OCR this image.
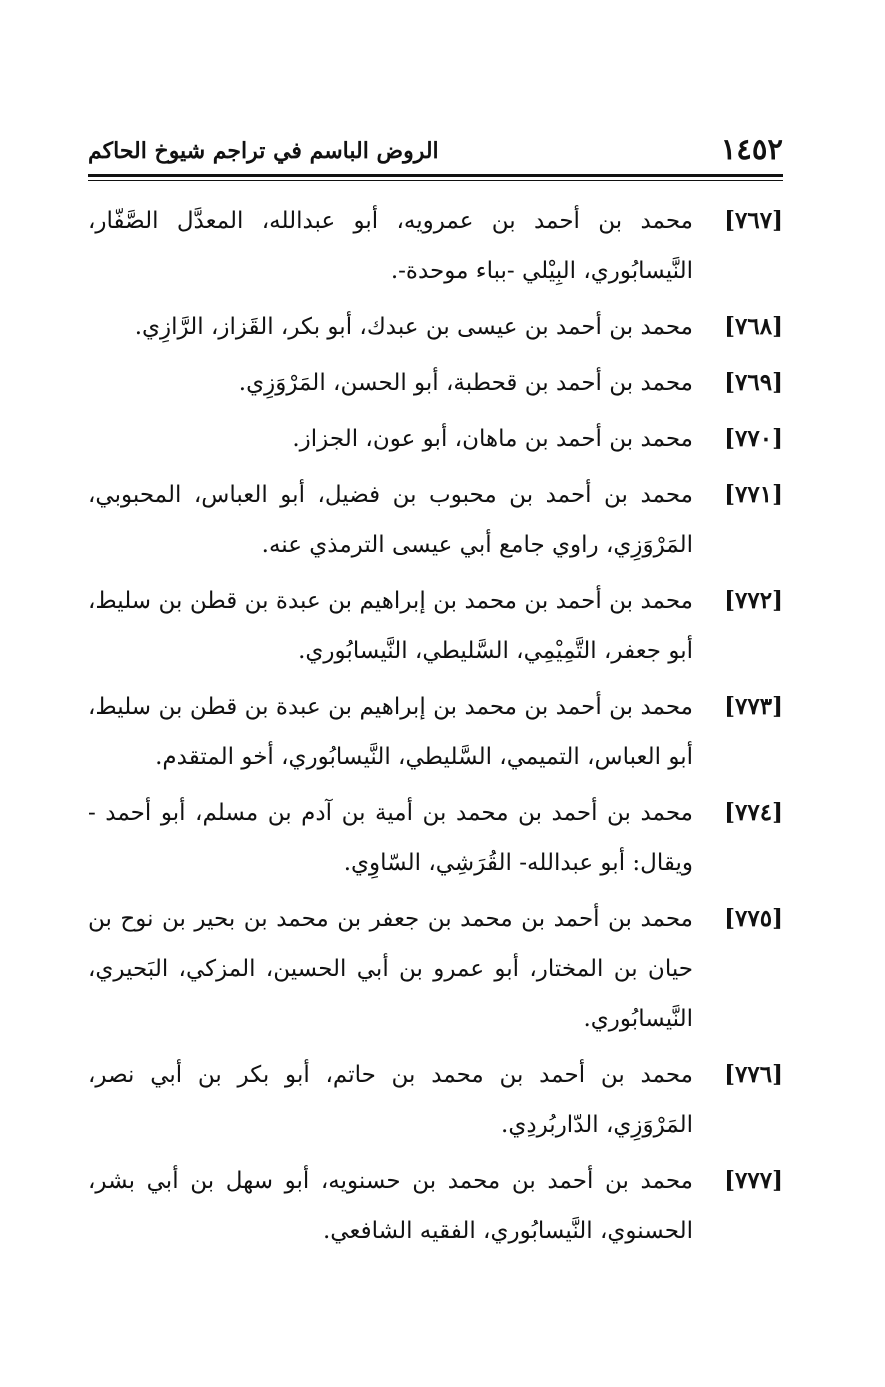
١٤٥٢
الروض الباسم في تراجم شيوخ الحاكم
[٧٦٧]
محمد بن أحمد بن عمرويه، أبو عبدالله، المعدَّل الصَّفّار، النَّيسابُوري، البِيْلي -بباء موحدة-.
[٧٦٨]
محمد بن أحمد بن عيسى بن عبدك، أبو بكر، القَزاز، الرَّازِي.
[٧٦٩]
محمد بن أحمد بن قحطبة، أبو الحسن، المَرْوَزِي.
[٧٧٠]
محمد بن أحمد بن ماهان، أبو عون، الجزاز.
[٧٧١]
محمد بن أحمد بن محبوب بن فضيل، أبو العباس، المحبوبي، المَرْوَزِي، راوي جامع أبي عيسى الترمذي عنه.
[٧٧٢]
محمد بن أحمد بن محمد بن إبراهيم بن عبدة بن قطن بن سليط، أبو جعفر، التَّمِيْمِي، السَّليطي، النَّيسابُوري.
[٧٧٣]
محمد بن أحمد بن محمد بن إبراهيم بن عبدة بن قطن بن سليط، أبو العباس، التميمي، السَّليطي، النَّيسابُوري، أخو المتقدم.
[٧٧٤]
محمد بن أحمد بن محمد بن أمية بن آدم بن مسلم، أبو أحمد - ويقال: أبو عبدالله- القُرَشِي، السّاوِي.
[٧٧٥]
محمد بن أحمد بن محمد بن جعفر بن محمد بن بحير بن نوح بن حيان بن المختار، أبو عمرو بن أبي الحسين، المزكي، البَحيري، النَّيسابُوري.
[٧٧٦]
محمد بن أحمد بن محمد بن حاتم، أبو بكر بن أبي نصر، المَرْوَزِي، الدّاربُردِي.
[٧٧٧]
محمد بن أحمد بن محمد بن حسنويه، أبو سهل بن أبي بشر، الحسنوي، النَّيسابُوري، الفقيه الشافعي.
